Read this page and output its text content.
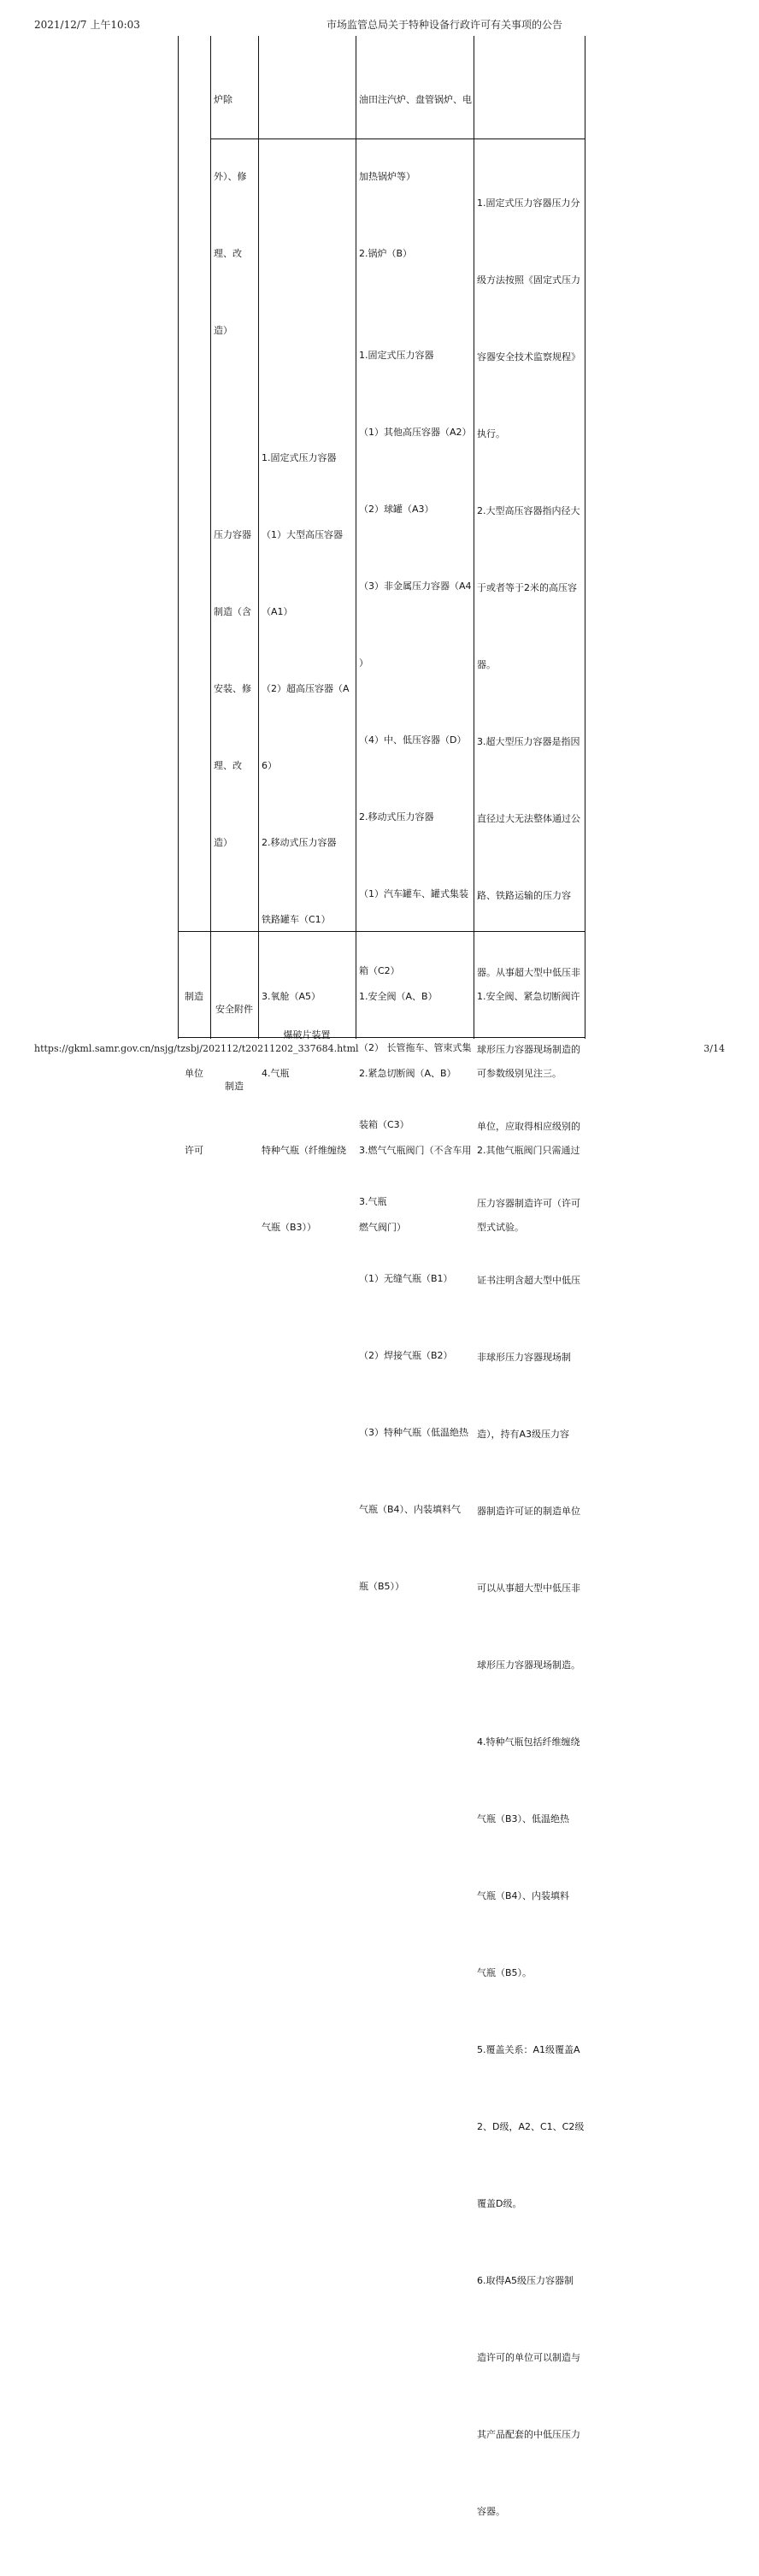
2021/12/7 上午10:03	市场监管总局关于特种设备行政许可有关事项的公告

炉除

外）、修

理、改

造）

油田注汽炉、盘管锅炉、电

加热锅炉等）

2.锅炉（B）

压力容器

制造（含

安装、修

理、改

造）

1.固定式压力容器

（1）大型高压容器

（A1）

（2）超高压容器（A

6）

2.移动式压力容器

铁路罐车（C1）

3.氧舱（A5）

4.气瓶

特种气瓶（纤维缠绕

气瓶（B3））

1.固定式压力容器

（1）其他高压容器（A2）

（2）球罐（A3）

（3）非金属压力容器（A4

）

（4）中、低压容器（D）

2.移动式压力容器

（1）汽车罐车、罐式集装

箱（C2）

（2） 长管拖车、管束式集

装箱（C3）

3.气瓶

（1）无缝气瓶（B1）

（2）焊接气瓶（B2）

（3）特种气瓶（低温绝热

气瓶（B4）、内装填料气

瓶（B5））

1.固定式压力容器压力分

级方法按照《固定式压力

容器安全技术监察规程》

执行。

2.大型高压容器指内径大

于或者等于2米的高压容

器。

3.超大型压力容器是指因

直径过大无法整体通过公

路、铁路运输的压力容

器。从事超大型中低压非

球形压力容器现场制造的

单位，应取得相应级别的

压力容器制造许可（许可

证书注明含超大型中低压

非球形压力容器现场制

造），持有A3级压力容

器制造许可证的制造单位

可以从事超大型中低压非

球形压力容器现场制造。

4.特种气瓶包括纤维缠绕

气瓶（B3）、低温绝热

气瓶（B4）、内装填料

气瓶（B5）。

5.覆盖关系：A1级覆盖A

2、D级，A2、C1、C2级

覆盖D级。

6.取得A5级压力容器制

造许可的单位可以制造与

其产品配套的中低压压力

容器。

制造

单位

许可

安全附件

制造

爆破片装置

1.安全阀（A、B）

2.紧急切断阀（A、B）

3.燃气气瓶阀门（不含车用

燃气阀门）

1.安全阀、紧急切断阀许

可参数级别见注三。

2.其他气瓶阀门只需通过

型式试验。

https://gkml.samr.gov.cn/nsjg/tzsbj/202112/t20211202_337684.html	3/14
